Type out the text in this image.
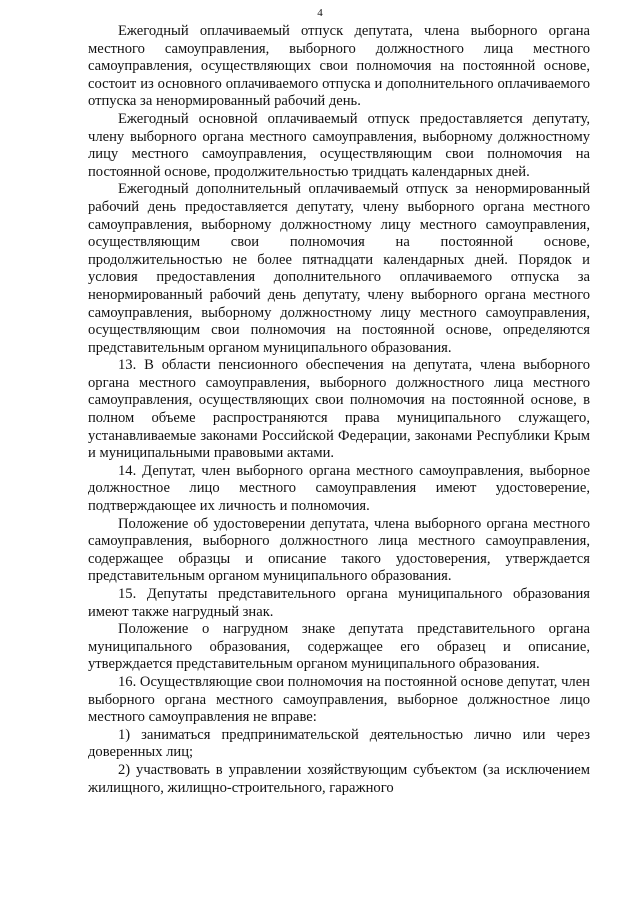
4

Ежегодный оплачиваемый отпуск депутата, члена выборного органа местного самоуправления, выборного должностного лица местного самоуправления, осуществляющих свои полномочия на постоянной основе, состоит из основного оплачиваемого отпуска и дополнительного оплачиваемого отпуска за ненормированный рабочий день.

Ежегодный основной оплачиваемый отпуск предоставляется депутату, члену выборного органа местного самоуправления, выборному должностному лицу местного самоуправления, осуществляющим свои полномочия на постоянной основе, продолжительностью тридцать календарных дней.

Ежегодный дополнительный оплачиваемый отпуск за ненормированный рабочий день предоставляется депутату, члену выборного органа местного самоуправления, выборному должностному лицу местного самоуправления, осуществляющим свои полномочия на постоянной основе, продолжительностью не более пятнадцати календарных дней. Порядок и условия предоставления дополнительного оплачиваемого отпуска за ненормированный рабочий день депутату, члену выборного органа местного самоуправления, выборному должностному лицу местного самоуправления, осуществляющим свои полномочия на постоянной основе, определяются представительным органом муниципального образования.

13. В области пенсионного обеспечения на депутата, члена выборного органа местного самоуправления, выборного должностного лица местного самоуправления, осуществляющих свои полномочия на постоянной основе, в полном объеме распространяются права муниципального служащего, устанавливаемые законами Российской Федерации, законами Республики Крым и муниципальными правовыми актами.

14. Депутат, член выборного органа местного самоуправления, выборное должностное лицо местного самоуправления имеют удостоверение, подтверждающее их личность и полномочия.

Положение об удостоверении депутата, члена выборного органа местного самоуправления, выборного должностного лица местного самоуправления, содержащее образцы и описание такого удостоверения, утверждается представительным органом муниципального образования.

15. Депутаты представительного органа муниципального образования имеют также нагрудный знак.

Положение о нагрудном знаке депутата представительного органа муниципального образования, содержащее его образец и описание, утверждается представительным органом муниципального образования.

16. Осуществляющие свои полномочия на постоянной основе депутат, член выборного органа местного самоуправления, выборное должностное лицо местного самоуправления не вправе:

1) заниматься предпринимательской деятельностью лично или через доверенных лиц;

2) участвовать в управлении хозяйствующим субъектом (за исключением жилищного, жилищно-строительного, гаражного
